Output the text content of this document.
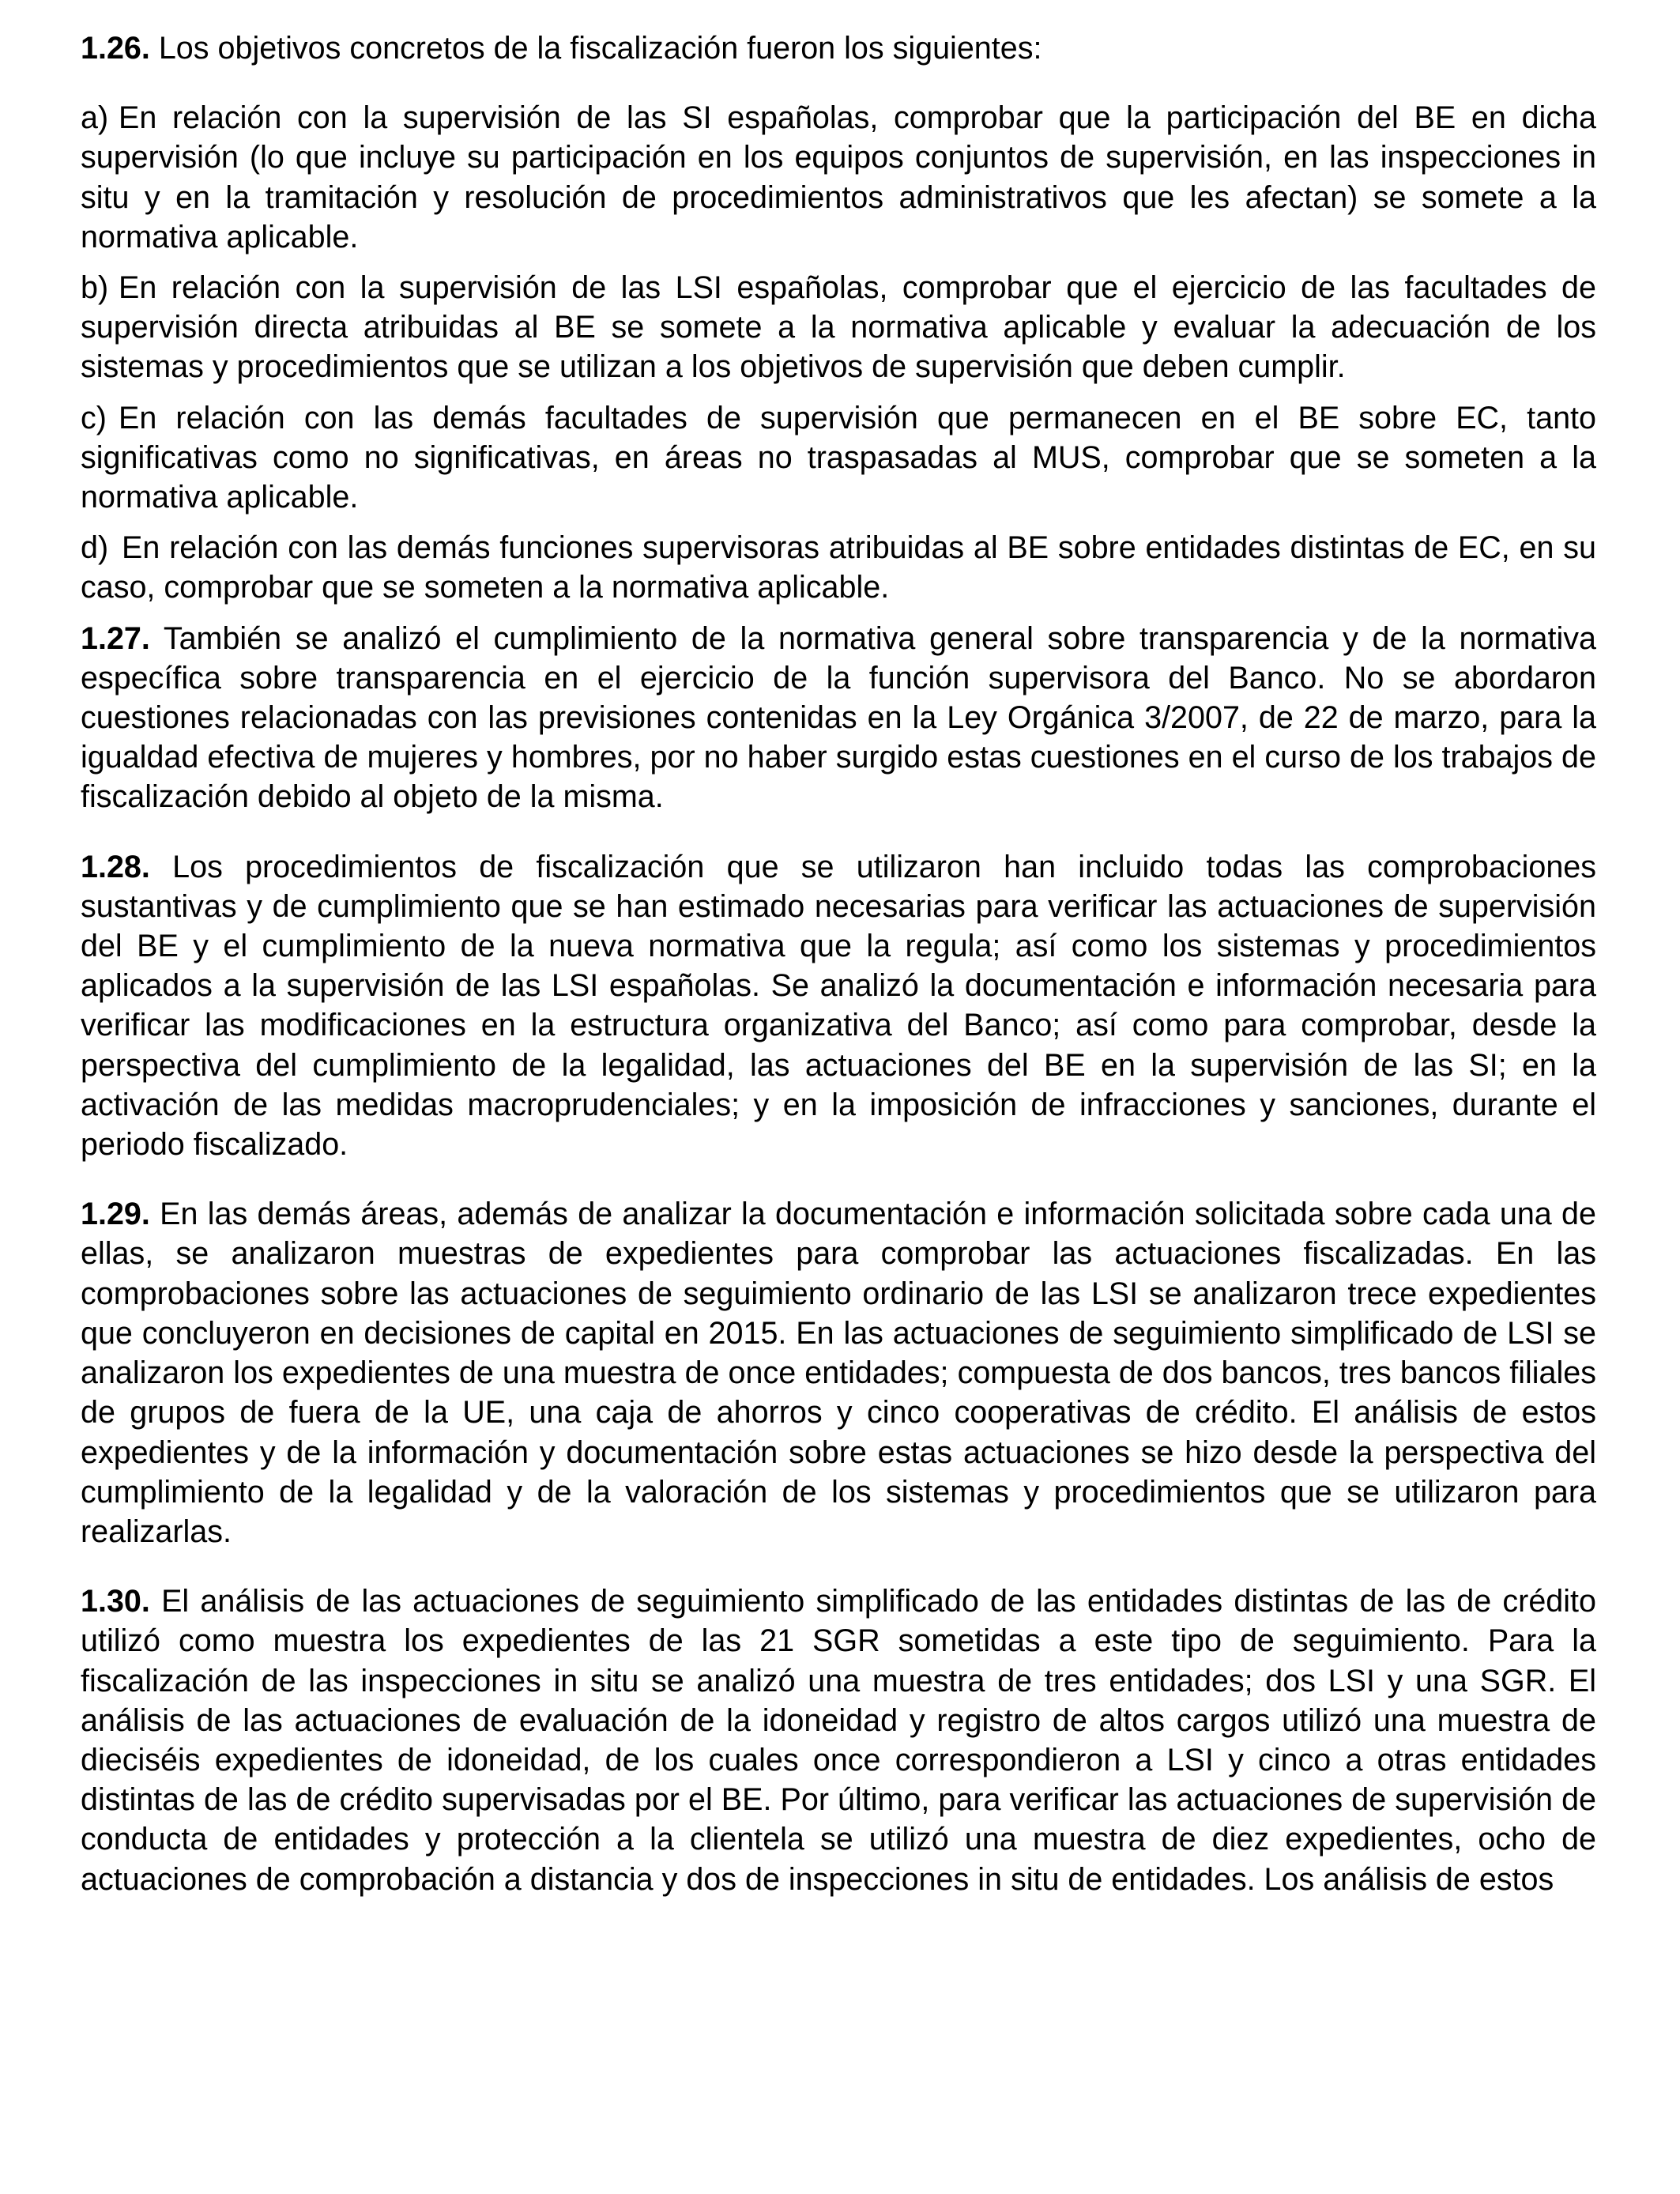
1.26. Los objetivos concretos de la fiscalización fueron los siguientes:

a) En relación con la supervisión de las SI españolas, comprobar que la participación del BE en dicha supervisión (lo que incluye su participación en los equipos conjuntos de supervisión, en las inspecciones in situ y en la tramitación y resolución de procedimientos administrativos que les afectan) se somete a la normativa aplicable.

b) En relación con la supervisión de las LSI españolas, comprobar que el ejercicio de las facultades de supervisión directa atribuidas al BE se somete a la normativa aplicable y evaluar la adecuación de los sistemas y procedimientos que se utilizan a los objetivos de supervisión que deben cumplir.

c) En relación con las demás facultades de supervisión que permanecen en el BE sobre EC, tanto significativas como no significativas, en áreas no traspasadas al MUS, comprobar que se someten a la normativa aplicable.

d) En relación con las demás funciones supervisoras atribuidas al BE sobre entidades distintas de EC, en su caso, comprobar que se someten a la normativa aplicable.

1.27. También se analizó el cumplimiento de la normativa general sobre transparencia y de la normativa específica sobre transparencia en el ejercicio de la función supervisora del Banco. No se abordaron cuestiones relacionadas con las previsiones contenidas en la Ley Orgánica 3/2007, de 22 de marzo, para la igualdad efectiva de mujeres y hombres, por no haber surgido estas cuestiones en el curso de los trabajos de fiscalización debido al objeto de la misma.

1.28. Los procedimientos de fiscalización que se utilizaron han incluido todas las comprobaciones sustantivas y de cumplimiento que se han estimado necesarias para verificar las actuaciones de supervisión del BE y el cumplimiento de la nueva normativa que la regula; así como los sistemas y procedimientos aplicados a la supervisión de las LSI españolas. Se analizó la documentación e información necesaria para verificar las modificaciones en la estructura organizativa del Banco; así como para comprobar, desde la perspectiva del cumplimiento de la legalidad, las actuaciones del BE en la supervisión de las SI; en la activación de las medidas macroprudenciales; y en la imposición de infracciones y sanciones, durante el periodo fiscalizado.

1.29. En las demás áreas, además de analizar la documentación e información solicitada sobre cada una de ellas, se analizaron muestras de expedientes para comprobar las actuaciones fiscalizadas. En las comprobaciones sobre las actuaciones de seguimiento ordinario de las LSI se analizaron trece expedientes que concluyeron en decisiones de capital en 2015. En las actuaciones de seguimiento simplificado de LSI se analizaron los expedientes de una muestra de once entidades; compuesta de dos bancos, tres bancos filiales de grupos de fuera de la UE, una caja de ahorros y cinco cooperativas de crédito. El análisis de estos expedientes y de la información y documentación sobre estas actuaciones se hizo desde la perspectiva del cumplimiento de la legalidad y de la valoración de los sistemas y procedimientos que se utilizaron para realizarlas.

1.30. El análisis de las actuaciones de seguimiento simplificado de las entidades distintas de las de crédito utilizó como muestra los expedientes de las 21 SGR sometidas a este tipo de seguimiento. Para la fiscalización de las inspecciones in situ se analizó una muestra de tres entidades; dos LSI y una SGR. El análisis de las actuaciones de evaluación de la idoneidad y registro de altos cargos utilizó una muestra de dieciséis expedientes de idoneidad, de los cuales once correspondieron a LSI y cinco a otras entidades distintas de las de crédito supervisadas por el BE. Por último, para verificar las actuaciones de supervisión de conducta de entidades y protección a la clientela se utilizó una muestra de diez expedientes, ocho de actuaciones de comprobación a distancia y dos de inspecciones in situ de entidades. Los análisis de estos
